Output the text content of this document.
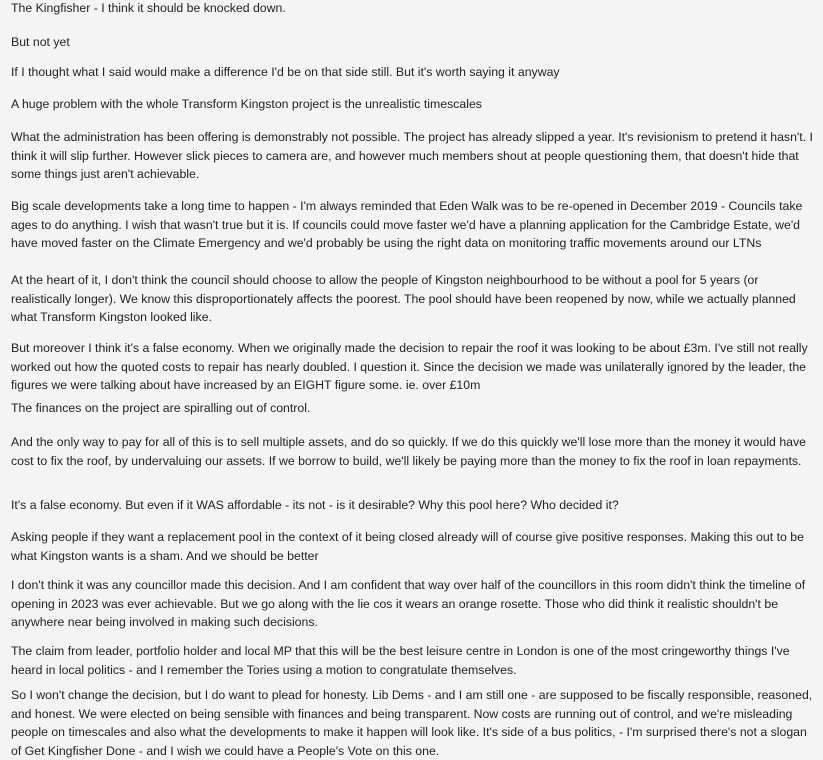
The Kingfisher - I think it should be knocked down.

But not yet

If I thought what I said would make a difference I'd be on that side still. But it's worth saying it anyway

A huge problem with the whole Transform Kingston project is the unrealistic timescales

What the administration has been offering is demonstrably not possible. The project has already slipped a year. It's revisionism to pretend it hasn't. I think it will slip further. However slick pieces to camera are, and however much members shout at people questioning them, that doesn't hide that some things just aren't achievable.

Big scale developments take a long time to happen - I'm always reminded that Eden Walk was to be re-opened in December 2019 - Councils take ages to do anything. I wish that wasn't true but it is. If councils could move faster we'd have a planning application for the Cambridge Estate, we'd have moved faster on the Climate Emergency and we'd probably be using the right data on monitoring traffic movements around our LTNs

At the heart of it, I don't think the council should choose to allow the people of Kingston neighbourhood to be without a pool for 5 years (or realistically longer). We know this disproportionately affects the poorest. The pool should have been reopened by now, while we actually planned what Transform Kingston looked like.

But moreover I think it's a false economy. When we originally made the decision to repair the roof it was looking to be about £3m. I've still not really worked out how the quoted costs to repair has nearly doubled. I question it. Since the decision we made was unilaterally ignored by the leader, the figures we were talking about have increased by an EIGHT figure some. ie. over £10m

The finances on the project are spiralling out of control.

And the only way to pay for all of this is to sell multiple assets, and do so quickly. If we do this quickly we'll lose more than the money it would have cost to fix the roof, by undervaluing our assets. If we borrow to build, we'll likely be paying more than the money to fix the roof in loan repayments.

It's a false economy. But even if it WAS affordable - its not - is it desirable? Why this pool here? Who decided it?

Asking people if they want a replacement pool in the context of it being closed already will of course give positive responses. Making this out to be what Kingston wants is a sham. And we should be better

I don't think it was any councillor made this decision. And I am confident that way over half of the councillors in this room didn't think the timeline of opening in 2023 was ever achievable. But we go along with the lie cos it wears an orange rosette. Those who did think it realistic shouldn't be anywhere near being involved in making such decisions.

The claim from leader, portfolio holder and local MP that this will be the best leisure centre in London is one of the most cringeworthy things I've heard in local politics - and I remember the Tories using a motion to congratulate themselves.

So I won't change the decision, but I do want to plead for honesty. Lib Dems - and I am still one - are supposed to be fiscally responsible, reasoned, and honest. We were elected on being sensible with finances and being transparent. Now costs are running out of control, and we're misleading people on timescales and also what the developments to make it happen will look like. It's side of a bus politics, - I'm surprised there's not a slogan of Get Kingfisher Done - and I wish we could have a People's Vote on this one.
